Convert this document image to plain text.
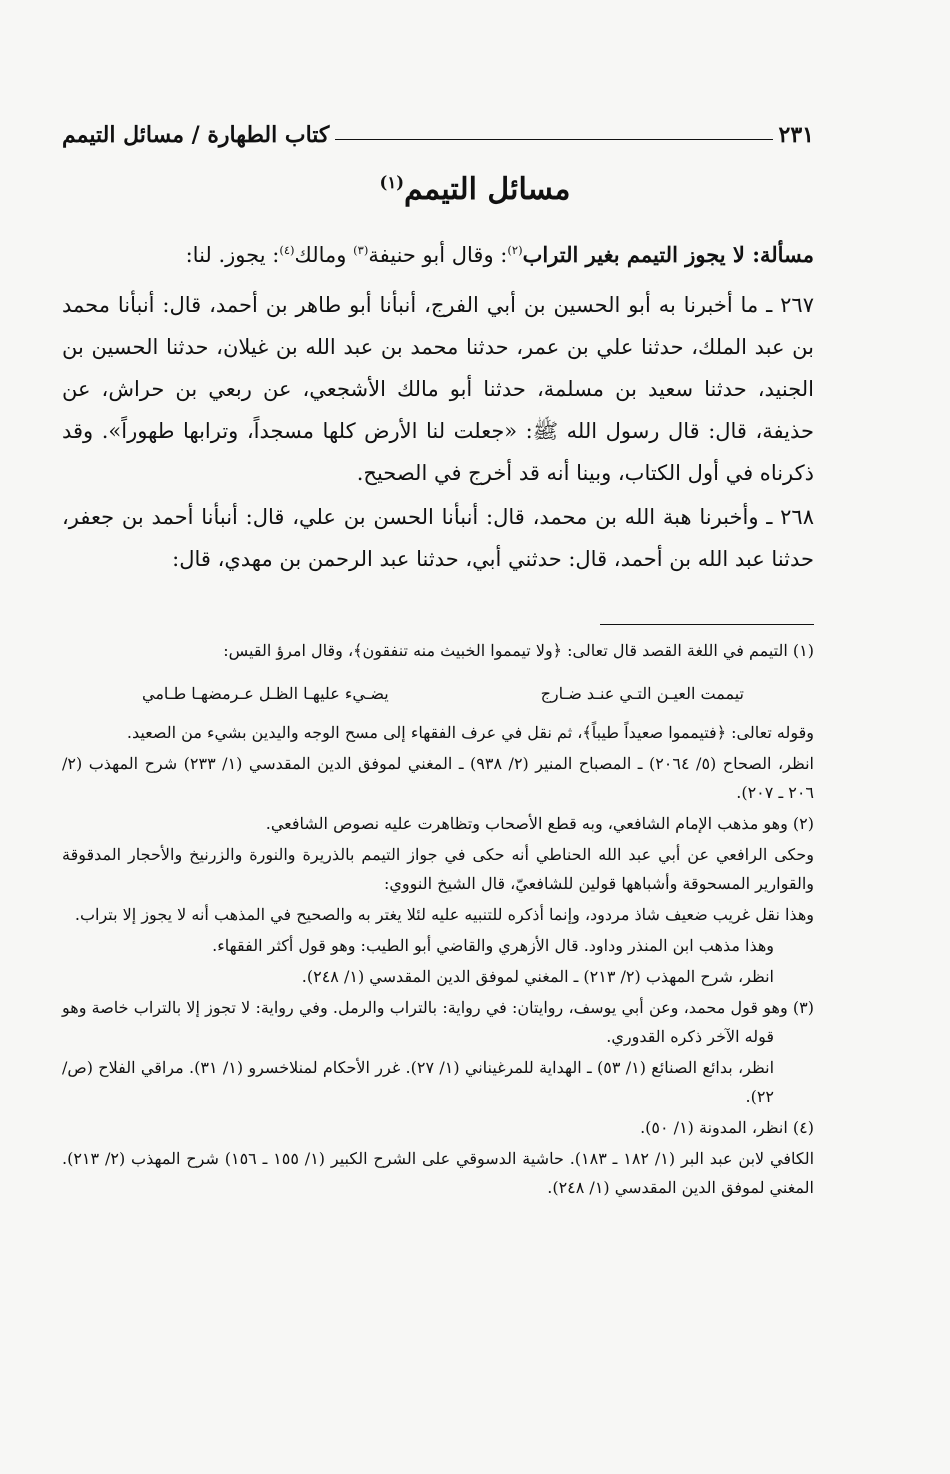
كتاب الطهارة / مسائل التيمم	٢٣١
مسائل التيمم$^{(١)}$
مسألة: لا يجوز التيمم بغير التراب$^{(٢)}$: وقال أبو حنيفة$^{(٣)}$ ومالك$^{(٤)}$: يجوز. لنا:
٢٦٧ ـ ما أخبرنا به أبو الحسين بن أبي الفرج، أنبأنا أبو طاهر بن أحمد، قال: أنبأنا محمد بن عبد الملك، حدثنا علي بن عمر، حدثنا محمد بن عبد الله بن غيلان، حدثنا الحسين بن الجنيد، حدثنا سعيد بن مسلمة، حدثنا أبو مالك الأشجعي، عن ربعي بن حراش، عن حذيفة، قال: قال رسول الله ﷺ: «جعلت لنا الأرض كلها مسجداً، وترابها طهوراً». وقد ذكرناه في أول الكتاب، وبينا أنه قد أخرج في الصحيح.
٢٦٨ ـ وأخبرنا هبة الله بن محمد، قال: أنبأنا الحسن بن علي، قال: أنبأنا أحمد بن جعفر، حدثنا عبد الله بن أحمد، قال: حدثني أبي، حدثنا عبد الرحمن بن مهدي، قال:
(١) التيمم في اللغة القصد قال تعالى: ﴿ولا تيمموا الخبيث منه تنفقون﴾، وقال امرؤ القيس:
تيممت العيـن التـي عنـد ضـارج
يضـيء عليهـا الظـل عـرمضهـا طـامي
وقوله تعالى: ﴿فتيمموا صعيداً طيباً﴾، ثم نقل في عرف الفقهاء إلى مسح الوجه واليدين بشيء من الصعيد.
انظر، الصحاح (٥/ ٢٠٦٤) ـ المصباح المنير (٢/ ٩٣٨) ـ المغني لموفق الدين المقدسي (١/ ٢٣٣) شرح المهذب (٢/ ٢٠٦ ـ ٢٠٧).
(٢) وهو مذهب الإمام الشافعي، وبه قطع الأصحاب وتظاهرت عليه نصوص الشافعي.
وحكى الرافعي عن أبي عبد الله الحناطي أنه حكى في جواز التيمم بالذريرة والنورة والزرنيخ والأحجار المدقوقة والقوارير المسحوقة وأشباهها قولين للشافعيّ، قال الشيخ النووي:
وهذا نقل غريب ضعيف شاذ مردود، وإنما أذكره للتنبيه عليه لئلا يغتر به والصحيح في المذهب أنه لا يجوز إلا بتراب.
وهذا مذهب ابن المنذر وداود. قال الأزهري والقاضي أبو الطيب: وهو قول أكثر الفقهاء.
انظر، شرح المهذب (٢/ ٢١٣) ـ المغني لموفق الدين المقدسي (١/ ٢٤٨).
(٣) وهو قول محمد، وعن أبي يوسف، روايتان: في رواية: بالتراب والرمل. وفي رواية: لا تجوز إلا بالتراب خاصة وهو قوله الآخر ذكره القدوري.
انظر، بدائع الصنائع (١/ ٥٣) ـ الهداية للمرغيناني (١/ ٢٧). غرر الأحكام لمنلاخسرو (١/ ٣١). مراقي الفلاح (ص/ ٢٢).
(٤) انظر، المدونة (١/ ٥٠).
الكافي لابن عبد البر (١/ ١٨٢ ـ ١٨٣). حاشية الدسوقي على الشرح الكبير (١/ ١٥٥ ـ ١٥٦) شرح المهذب (٢/ ٢١٣). المغني لموفق الدين المقدسي (١/ ٢٤٨).
